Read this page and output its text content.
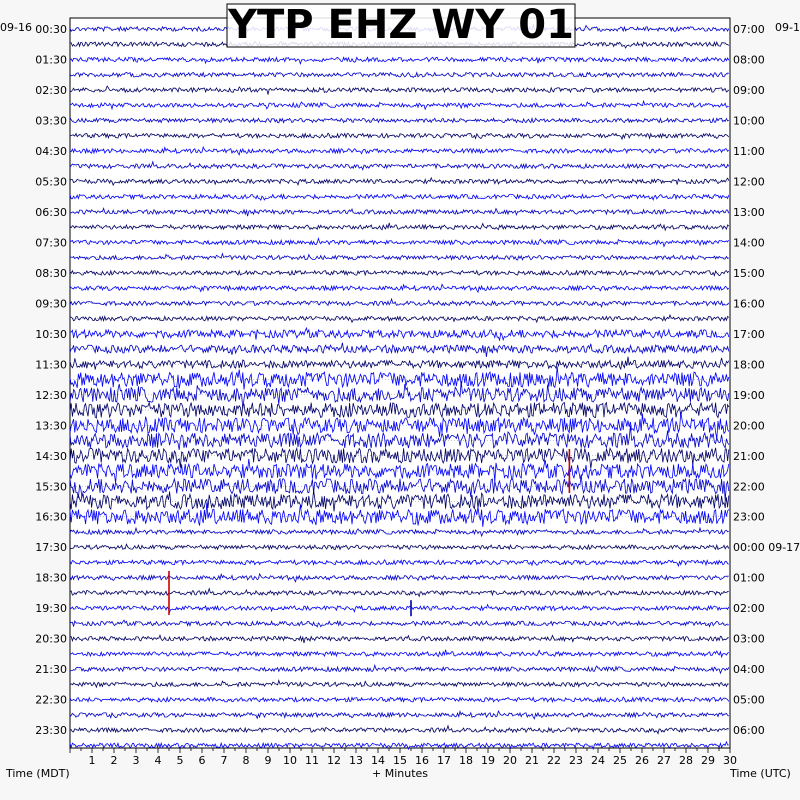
1 2 3 4 5 6 7 8 9 10 11 12 13 14 15 16 17 18 19 20 21 22 23 24 25 26 27 28 29 30
00:30
01:30
02:30
03:30
04:30
05:30
06:30
07:30
08:30
09:30
10:30
11:30
12:30
13:30
14:30
15:30
16:30
17:30
18:30
19:30
20:30
21:30
22:30
23:30
07:00
08:00
09:00
10:00
11:00
12:00
13:00
14:00
15:00
16:00
17:00
18:00
19:00
20:00
21:00
22:00
23:00
00:00 09-17
01:00
02:00
03:00
04:00
05:00
06:00
09-16	09-1
YTP EHZ WY 01
Time (MDT)	+ Minutes	Time (UTC)
